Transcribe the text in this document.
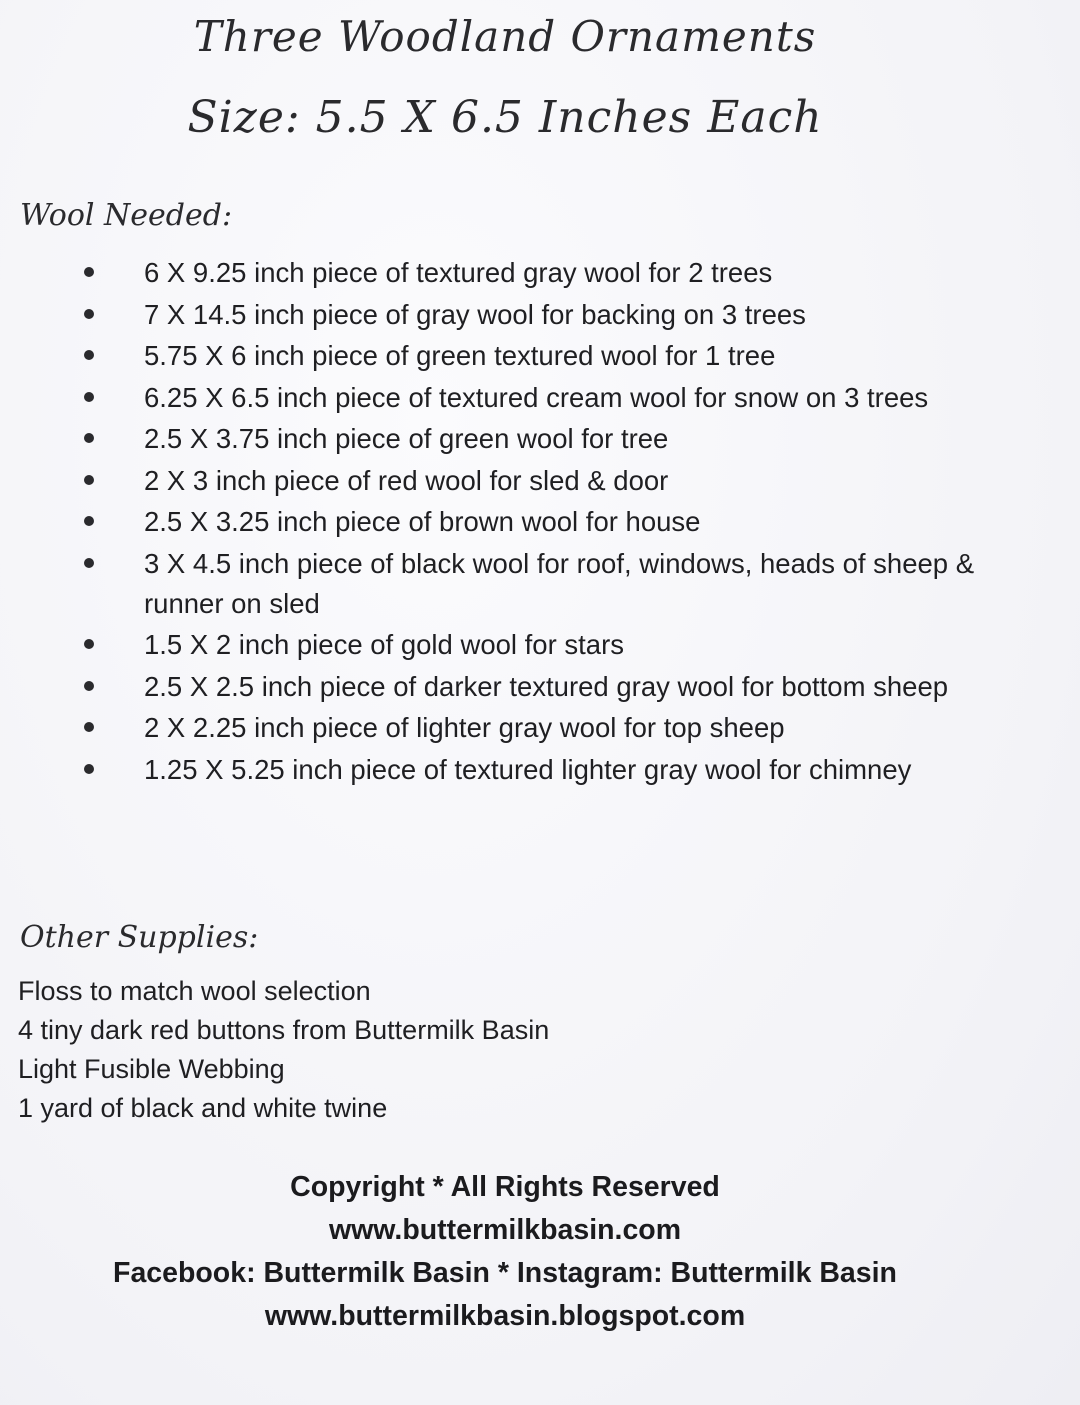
Three Woodland Ornaments
Size: 5.5 X 6.5 Inches Each
Wool Needed:
6 X 9.25 inch piece of textured gray wool for 2 trees
7 X 14.5 inch piece of gray wool for backing on 3 trees
5.75 X 6 inch piece of green textured wool for 1 tree
6.25 X 6.5 inch piece of textured cream wool for snow on 3 trees
2.5 X 3.75 inch piece of green wool for tree
2 X 3 inch piece of red wool for sled & door
2.5 X 3.25 inch piece of brown wool for house
3 X 4.5 inch piece of black wool for roof, windows, heads of sheep & runner on sled
1.5 X 2 inch piece of gold wool for stars
2.5 X 2.5 inch piece of darker textured gray wool for bottom sheep
2 X 2.25 inch piece of lighter gray wool for top sheep
1.25 X 5.25 inch piece of textured lighter gray wool for chimney
Other Supplies:
Floss to match wool selection
4 tiny dark red buttons from Buttermilk Basin
Light Fusible Webbing
1 yard of black and white twine
Copyright * All Rights Reserved
www.buttermilkbasin.com
Facebook: Buttermilk Basin * Instagram: Buttermilk Basin
www.buttermilkbasin.blogspot.com
